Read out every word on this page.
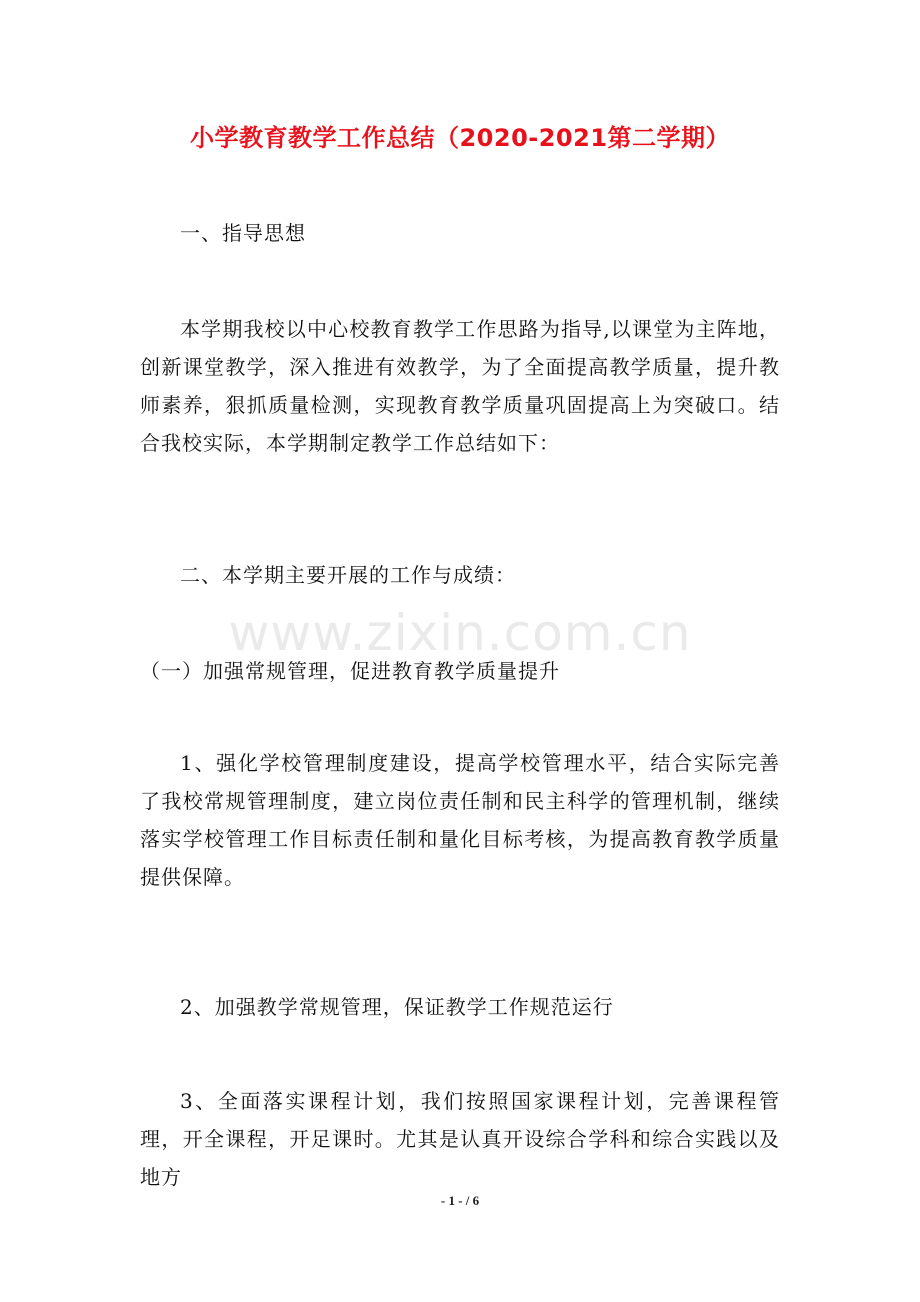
小学教育教学工作总结（2020-2021第二学期）

一、指导思想

本学期我校以中心校教育教学工作思路为指导,以课堂为主阵地，创新课堂教学，深入推进有效教学，为了全面提高教学质量，提升教师素养，狠抓质量检测，实现教育教学质量巩固提高上为突破口。结合我校实际，本学期制定教学工作总结如下：

二、本学期主要开展的工作与成绩：

（一）加强常规管理，促进教育教学质量提升

1、强化学校管理制度建设，提高学校管理水平，结合实际完善了我校常规管理制度，建立岗位责任制和民主科学的管理机制，继续落实学校管理工作目标责任制和量化目标考核，为提高教育教学质量提供保障。

2、加强教学常规管理，保证教学工作规范运行

3、全面落实课程计划，我们按照国家课程计划，完善课程管理，开全课程，开足课时。尤其是认真开设综合学科和综合实践以及地方

www.zixin.com.cn
- 1 - / 6
